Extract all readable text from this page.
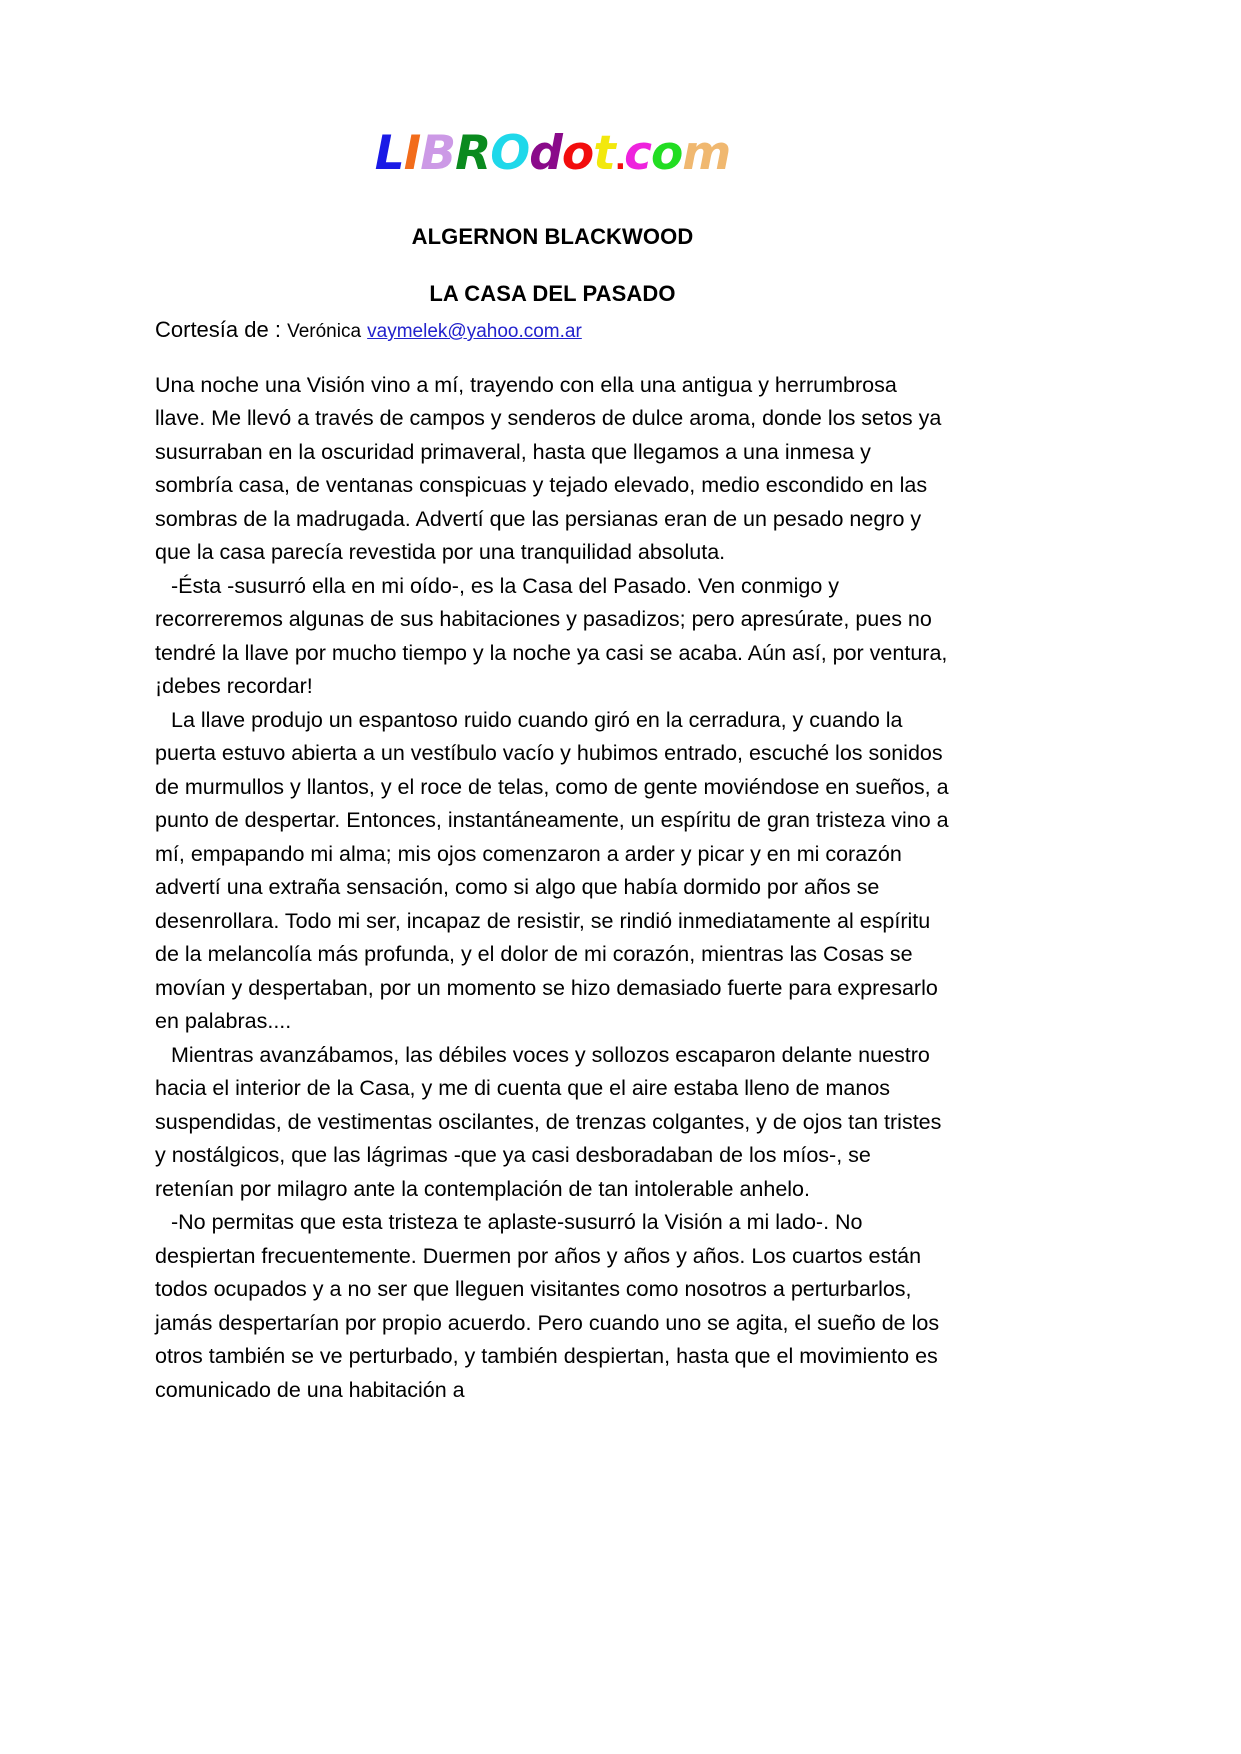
LIBROdot.com
ALGERNON BLACKWOOD
LA CASA DEL PASADO
Cortesía de : Verónica vaymelek@yahoo.com.ar

Una noche una Visión vino a mí, trayendo con ella una antigua y herrumbrosa llave. Me llevó a través de campos y senderos de dulce aroma, donde los setos ya susurraban en la oscuridad primaveral, hasta que llegamos a una inmesa y sombría casa, de ventanas conspicuas y tejado elevado, medio escondido en las sombras de la madrugada. Advertí que las persianas eran de un pesado negro y que la casa parecía revestida por una tranquilidad absoluta.

-Ésta -susurró ella en mi oído-, es la Casa del Pasado. Ven conmigo y recorreremos algunas de sus habitaciones y pasadizos; pero apresúrate, pues no tendré la llave por mucho tiempo y la noche ya casi se acaba. Aún así, por ventura, ¡debes recordar!

La llave produjo un espantoso ruido cuando giró en la cerradura, y cuando la puerta estuvo abierta a un vestíbulo vacío y hubimos entrado, escuché los sonidos de murmullos y llantos, y el roce de telas, como de gente moviéndose en sueños, a punto de despertar. Entonces, instantáneamente, un espíritu de gran tristeza vino a mí, empapando mi alma; mis ojos comenzaron a arder y picar y en mi corazón advertí una extraña sensación, como si algo que había dormido por años se desenrollara. Todo mi ser, incapaz de resistir, se rindió inmediatamente al espíritu de la melancolía más profunda, y el dolor de mi corazón, mientras las Cosas se movían y despertaban, por un momento se hizo demasiado fuerte para expresarlo en palabras....

Mientras avanzábamos, las débiles voces y sollozos escaparon delante nuestro hacia el interior de la Casa, y me di cuenta que el aire estaba lleno de manos suspendidas, de vestimentas oscilantes, de trenzas colgantes, y de ojos tan tristes y nostálgicos, que las lágrimas -que ya casi desboradaban de los míos-, se retenían por milagro ante la contemplación de tan intolerable anhelo.

-No permitas que esta tristeza te aplaste-susurró la Visión a mi lado-. No despiertan frecuentemente. Duermen por años y años y años. Los cuartos están todos ocupados y a no ser que lleguen visitantes como nosotros a perturbarlos, jamás despertarían por propio acuerdo. Pero cuando uno se agita, el sueño de los otros también se ve perturbado, y también despiertan, hasta que el movimiento es comunicado de una habitación a
